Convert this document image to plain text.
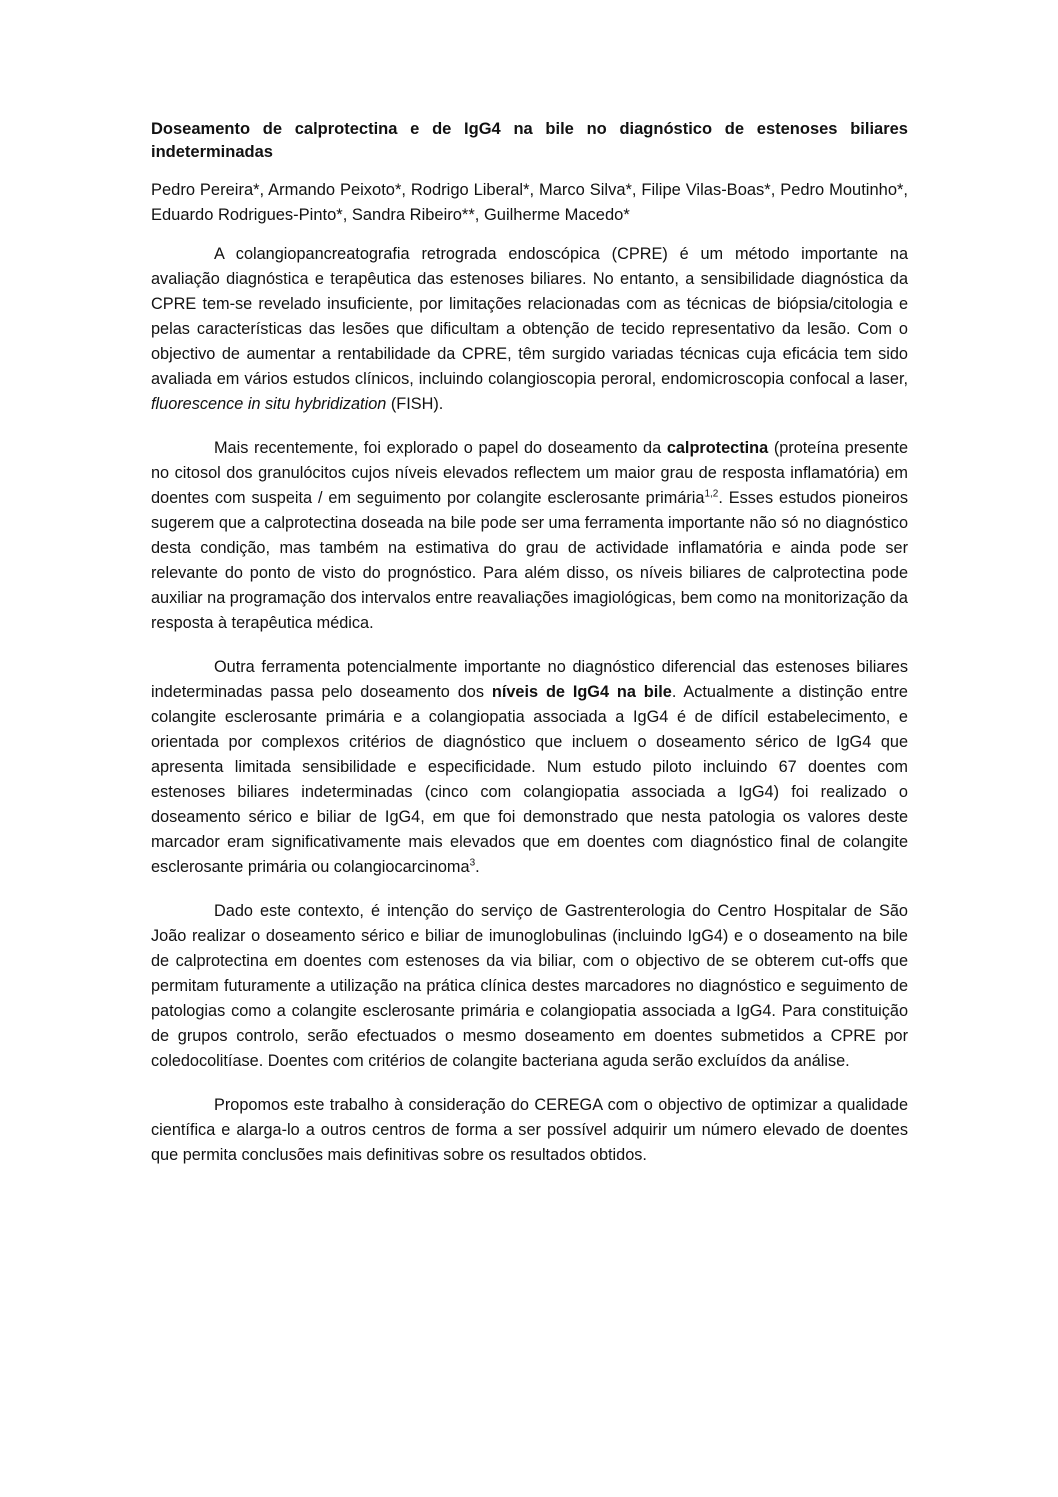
Doseamento de calprotectina e de IgG4 na bile no diagnóstico de estenoses biliares indeterminadas

Pedro Pereira*, Armando Peixoto*, Rodrigo Liberal*, Marco Silva*, Filipe Vilas-Boas*, Pedro Moutinho*, Eduardo Rodrigues-Pinto*, Sandra Ribeiro**, Guilherme Macedo*

A colangiopancreatografia retrograda endoscópica (CPRE) é um método importante na avaliação diagnóstica e terapêutica das estenoses biliares. No entanto, a sensibilidade diagnóstica da CPRE tem-se revelado insuficiente, por limitações relacionadas com as técnicas de biópsia/citologia e pelas características das lesões que dificultam a obtenção de tecido representativo da lesão. Com o objectivo de aumentar a rentabilidade da CPRE, têm surgido variadas técnicas cuja eficácia tem sido avaliada em vários estudos clínicos, incluindo colangioscopia peroral, endomicroscopia confocal a laser, fluorescence in situ hybridization (FISH).

Mais recentemente, foi explorado o papel do doseamento da calprotectina (proteína presente no citosol dos granulócitos cujos níveis elevados reflectem um maior grau de resposta inflamatória) em doentes com suspeita / em seguimento por colangite esclerosante primária$^{1,2}$. Esses estudos pioneiros sugerem que a calprotectina doseada na bile pode ser uma ferramenta importante não só no diagnóstico desta condição, mas também na estimativa do grau de actividade inflamatória e ainda pode ser relevante do ponto de visto do prognóstico. Para além disso, os níveis biliares de calprotectina pode auxiliar na programação dos intervalos entre reavaliações imagiológicas, bem como na monitorização da resposta à terapêutica médica.

Outra ferramenta potencialmente importante no diagnóstico diferencial das estenoses biliares indeterminadas passa pelo doseamento dos níveis de IgG4 na bile. Actualmente a distinção entre colangite esclerosante primária e a colangiopatia associada a IgG4 é de difícil estabelecimento, e orientada por complexos critérios de diagnóstico que incluem o doseamento sérico de IgG4 que apresenta limitada sensibilidade e especificidade. Num estudo piloto incluindo 67 doentes com estenoses biliares indeterminadas (cinco com colangiopatia associada a IgG4) foi realizado o doseamento sérico e biliar de IgG4, em que foi demonstrado que nesta patologia os valores deste marcador eram significativamente mais elevados que em doentes com diagnóstico final de colangite esclerosante primária ou colangiocarcinoma$^3$.

Dado este contexto, é intenção do serviço de Gastrenterologia do Centro Hospitalar de São João realizar o doseamento sérico e biliar de imunoglobulinas (incluindo IgG4) e o doseamento na bile de calprotectina em doentes com estenoses da via biliar, com o objectivo de se obterem cut-offs que permitam futuramente a utilização na prática clínica destes marcadores no diagnóstico e seguimento de patologias como a colangite esclerosante primária e colangiopatia associada a IgG4. Para constituição de grupos controlo, serão efectuados o mesmo doseamento em doentes submetidos a CPRE por coledocolitíase. Doentes com critérios de colangite bacteriana aguda serão excluídos da análise.

Propomos este trabalho à consideração do CEREGA com o objectivo de optimizar a qualidade científica e alarga-lo a outros centros de forma a ser possível adquirir um número elevado de doentes que permita conclusões mais definitivas sobre os resultados obtidos.
